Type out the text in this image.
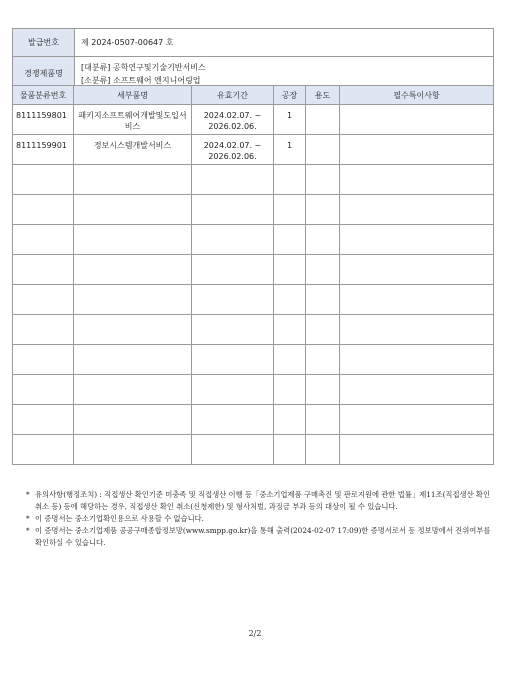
발급번호	제 2024-0507-00647 호
경쟁제품명	[대분류] 공학연구및기술기반서비스
[소분류] 소프트웨어 엔지니어링업
물품분류번호	세부품명	유효기간	공장	용도	필수특이사항
8111159801	패키지소프트웨어개발및도입서비스	2024.02.07. ~ 2026.02.06.	1		
8111159901	정보시스템개발서비스	2024.02.07. ~ 2026.02.06.	1		

* 유의사항(행정조치) : 직접생산 확인기준 미충족 및 직접생산 이행 등「중소기업제품 구매촉진 및 판로지원에 관한 법률」제11조(직접생산 확인 취소 등) 등에 해당하는 경우, 직접생산 확인 취소(신청제한) 및 형사처벌, 과징금 부과 등의 대상이 될 수 있습니다.
* 이 증명서는 중소기업확인용으로 사용할 수 없습니다.
* 이 증명서는 중소기업제품 공공구매종합정보망(www.smpp.go.kr)을 통해 출력(2024-02-07 17:09)한 증명서로서 동 정보망에서 진위여부를 확인하실 수 있습니다.
2/2
